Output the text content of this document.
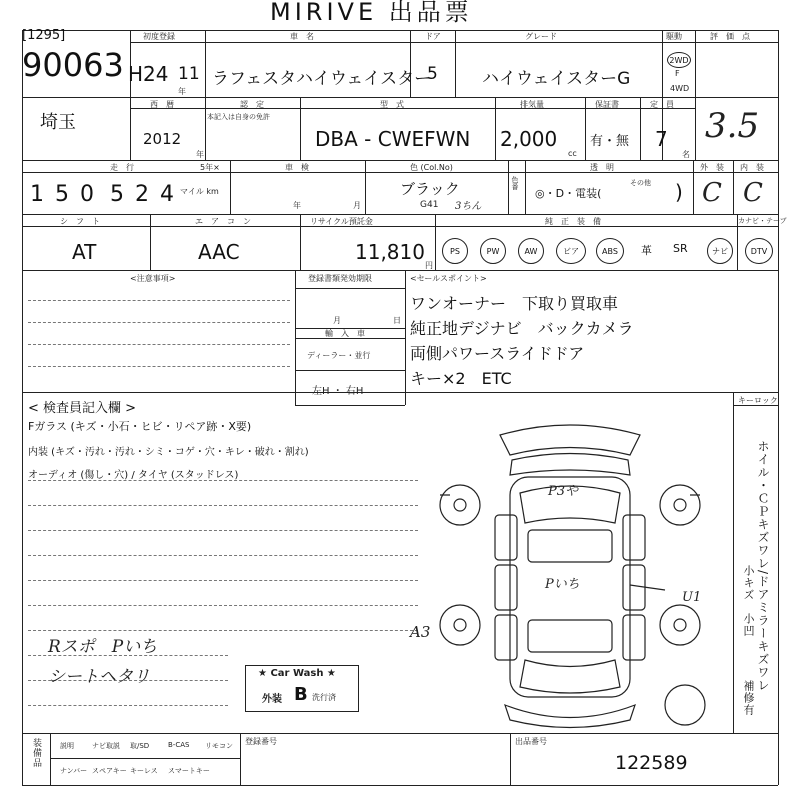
MIRIVE 出品票
[1295]
90063
埼玉
初度登録
H24 11
年
車　名
ラフェスタハイウェイスター
ドア
5
グレード
ハイウェイスターG
駆動
2WD
F
4WD
評　価　点
西　暦
2012
年
認　定
本記入は自身の免許
型　式
DBA - CWEFWN
排気量
2,000
cc
保証書
有・無
定　員
7
名
3.5
走　行	5年×
1 5 0 5 2 4 マイル km
車　検
年	月
色 (Col.No)
ブラック
G41 3ちん
色番
透　明
◎・D・電装(
その他 )
外　装
C
内　装
C
シ　フ　ト
AT
エ　ア　コ　ン
AAC
リサイクル預託金
11,810
円
純　正　装　備	カナビ・テーブ
PS	PW	AW	ビア	ABS	革 SR	ナビ	DTV
<注意事項>	登録書類発効期限
月	日
輸　入　車
ディーラー・並行
左H ・ 右H
<セールスポイント>
ワンオーナー　下取り買取車
純正地デジナビ　バックカメラ
両側パワースライドドア
キー×2　ETC
< 検査員記入欄 >
Fガラス (キズ・小石・ヒビ・リペア跡・X要)
内装 (キズ・汚れ・汚れ・シミ・コゲ・穴・キレ・破れ・割れ)
オーディオ (傷し・穴) / タイヤ (スタッドレス)
Rスポ　Pいち
シートヘタリ
キーロック
ホイル・ＣＰキズワレ/ドアミラーキズワレ
小キズ　小凹
補修有
P3や
Pいち
U1
A3
★ Car Wash ★
外装 B 洗行済
装備品	説明	ナビ取説 取/SD	B-CAS リモコン
ナンバー スペアキー キーレス スマートキー
登録番号	出品番号
122589
